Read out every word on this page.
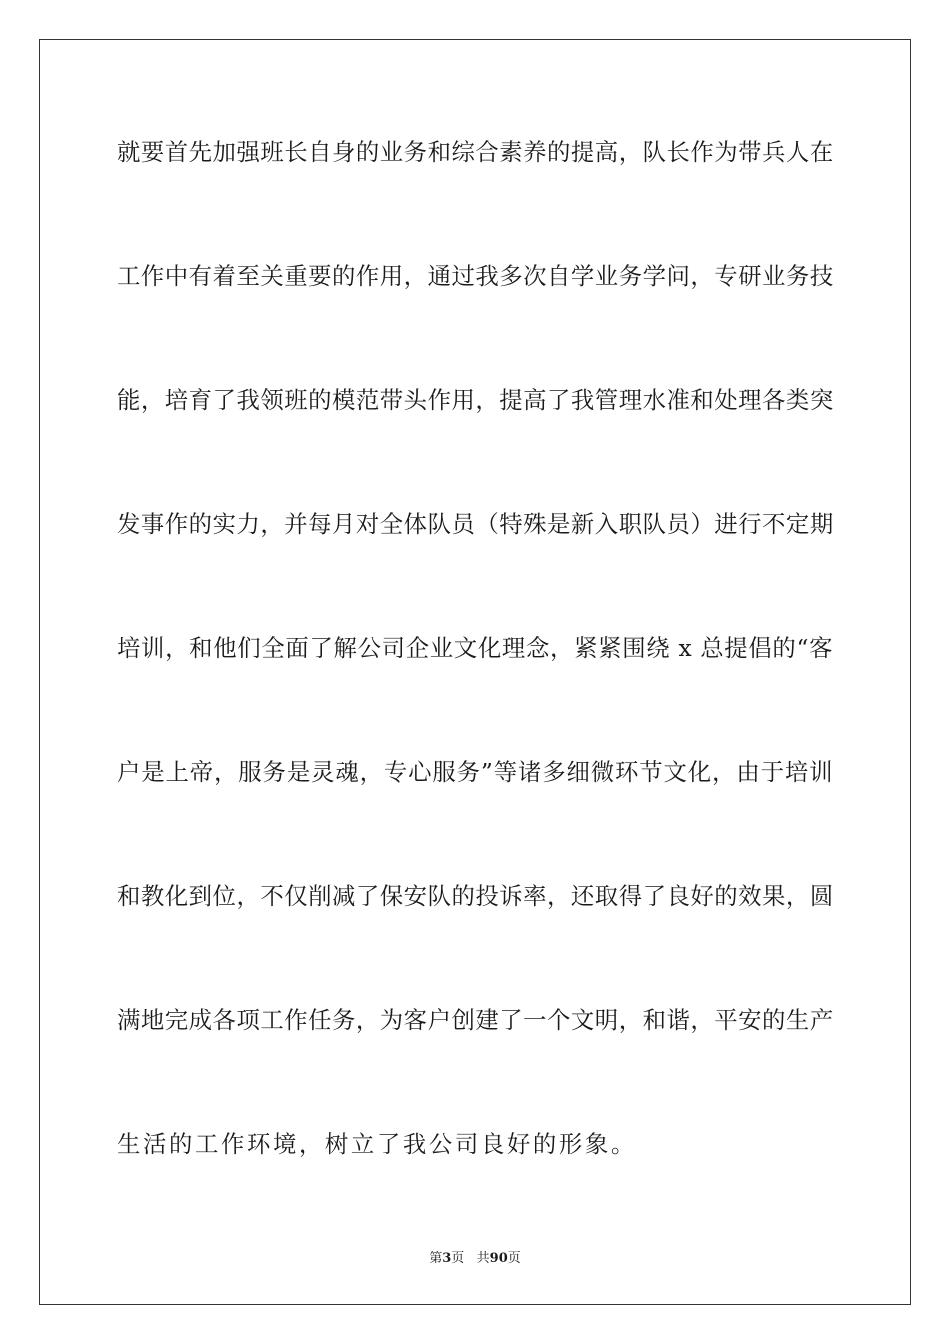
就要首先加强班长自身的业务和综合素养的提高，队长作为带兵人在
工作中有着至关重要的作用，通过我多次自学业务学问，专研业务技
能，培育了我领班的模范带头作用，提高了我管理水准和处理各类突
发事作的实力，并每月对全体队员（特殊是新入职队员）进行不定期
培训，和他们全面了解公司企业文化理念，紧紧围绕 x 总提倡的“客
户是上帝，服务是灵魂，专心服务”等诸多细微环节文化，由于培训
和教化到位，不仅削减了保安队的投诉率，还取得了良好的效果，圆
满地完成各项工作任务，为客户创建了一个文明，和谐，平安的生产
生活的工作环境，树立了我公司良好的形象。
第3页   共90页
